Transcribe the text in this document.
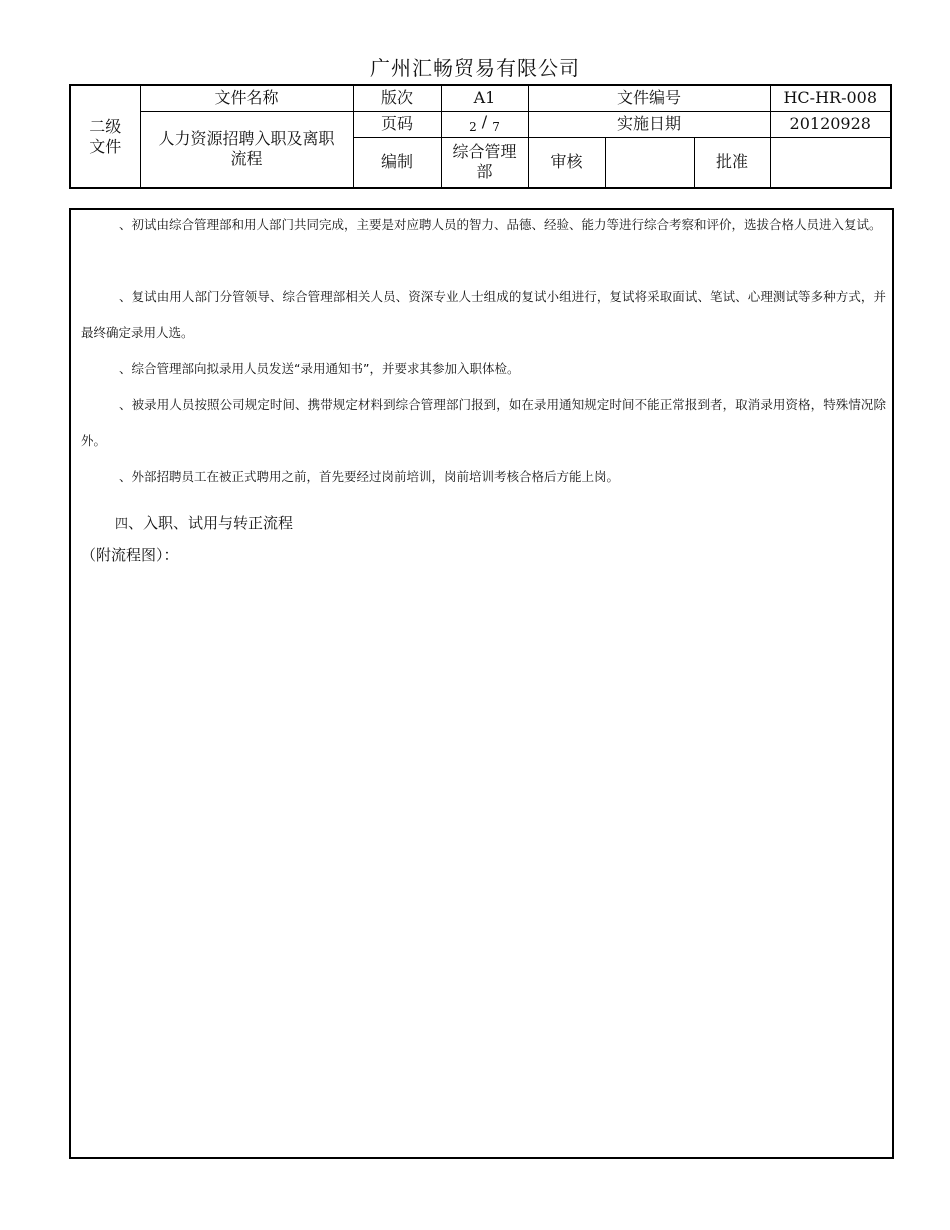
广州汇畅贸易有限公司
二级
文件	文件名称	版次	A1	文件编号			HC-HR-008
	人力资源招聘入职及离职流程	页码	$_2$ / $_7$	实施日期			20120928
		编制	综合管理部	审核		批准	
、初试由综合管理部和用人部门共同完成，主要是对应聘人员的智力、品德、经验、能力等进行综合考察和评价，选拔合格人员进入复试。
、复试由用人部门分管领导、综合管理部相关人员、资深专业人士组成的复试小组进行，复试将采取面试、笔试、心理测试等多种方式，并最终确定录用人选。
、综合管理部向拟录用人员发送“录用通知书”，并要求其参加入职体检。
、被录用人员按照公司规定时间、携带规定材料到综合管理部门报到，如在录用通知规定时间不能正常报到者，取消录用资格，特殊情况除外。
、外部招聘员工在被正式聘用之前，首先要经过岗前培训，岗前培训考核合格后方能上岗。
四、入职、试用与转正流程
（附流程图）：
